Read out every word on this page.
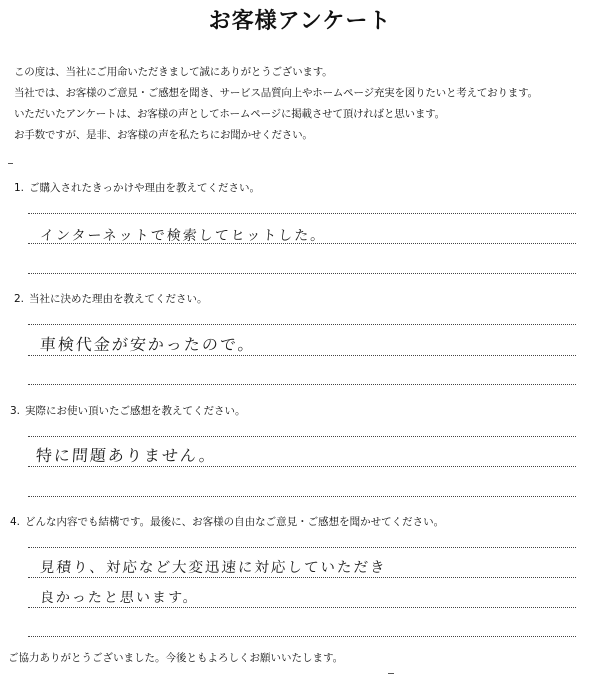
お客様アンケート
この度は、当社にご用命いただきまして誠にありがとうございます。
当社では、お客様のご意見・ご感想を聞き、サービス品質向上やホームページ充実を図りたいと考えております。
いただいたアンケートは、お客様の声としてホームページに掲載させて頂ければと思います。
お手数ですが、是非、お客様の声を私たちにお聞かせください。
1. ご購入されたきっかけや理由を教えてください。
インターネットで検索してヒットした。
2. 当社に決めた理由を教えてください。
車検代金が安かったので。
3. 実際にお使い頂いたご感想を教えてください。
特に問題ありません。
4. どんな内容でも結構です。最後に、お客様の自由なご意見・ご感想を聞かせてください。
見積り、対応など大変迅速に対応していただき
良かったと思います。
ご協力ありがとうございました。今後ともよろしくお願いいたします。
